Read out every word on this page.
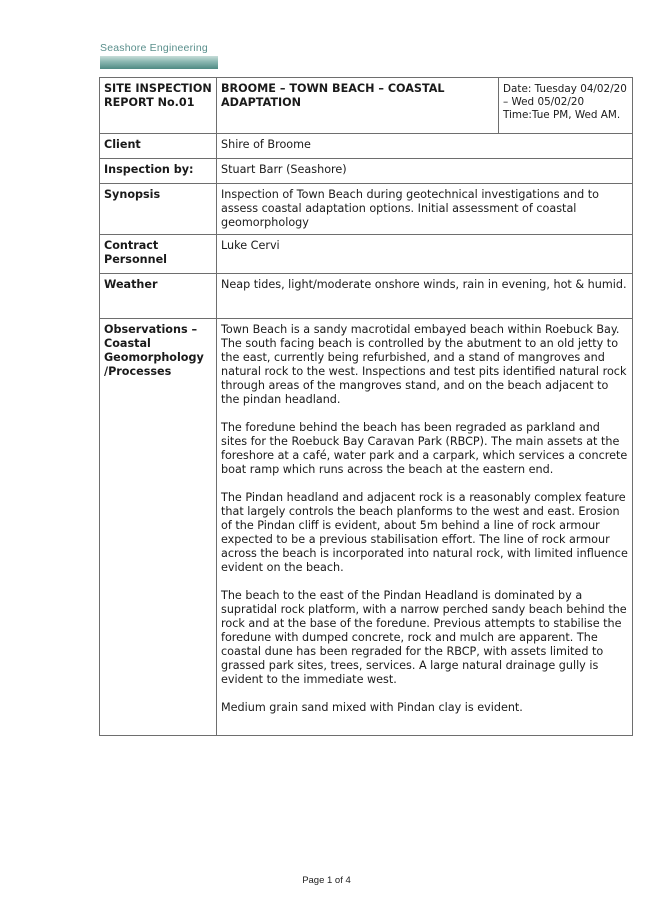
Seashore Engineering
SITE INSPECTION REPORT No.01	BROOME – TOWN BEACH – COASTAL ADAPTATION	Date: Tuesday 04/02/20 – Wed 05/02/20 Time:Tue PM, Wed AM.
Client	Shire of Broome	
Inspection by:	Stuart Barr (Seashore)	
Synopsis	Inspection of Town Beach during geotechnical investigations and to assess coastal adaptation options. Initial assessment of coastal geomorphology	
Contract Personnel	Luke Cervi	
Weather	Neap tides, light/moderate onshore winds, rain in evening, hot & humid.	
Observations – Coastal Geomorphology /Processes	Town Beach is a sandy macrotidal embayed beach within Roebuck Bay. The south facing beach is controlled by the abutment to an old jetty to the east, currently being refurbished, and a stand of mangroves and natural rock to the west. Inspections and test pits identified natural rock through areas of the mangroves stand, and on the beach adjacent to the pindan headland.

The foredune behind the beach has been regraded as parkland and sites for the Roebuck Bay Caravan Park (RBCP). The main assets at the foreshore at a café, water park and a carpark, which services a concrete boat ramp which runs across the beach at the eastern end.

The Pindan headland and adjacent rock is a reasonably complex feature that largely controls the beach planforms to the west and east. Erosion of the Pindan cliff is evident, about 5m behind a line of rock armour expected to be a previous stabilisation effort. The line of rock armour across the beach is incorporated into natural rock, with limited influence evident on the beach.

The beach to the east of the Pindan Headland is dominated by a supratidal rock platform, with a narrow perched sandy beach behind the rock and at the base of the foredune. Previous attempts to stabilise the foredune with dumped concrete, rock and mulch are apparent. The coastal dune has been regraded for the RBCP, with assets limited to grassed park sites, trees, services. A large natural drainage gully is evident to the immediate west.

Medium grain sand mixed with Pindan clay is evident.	

Page 1 of 4
